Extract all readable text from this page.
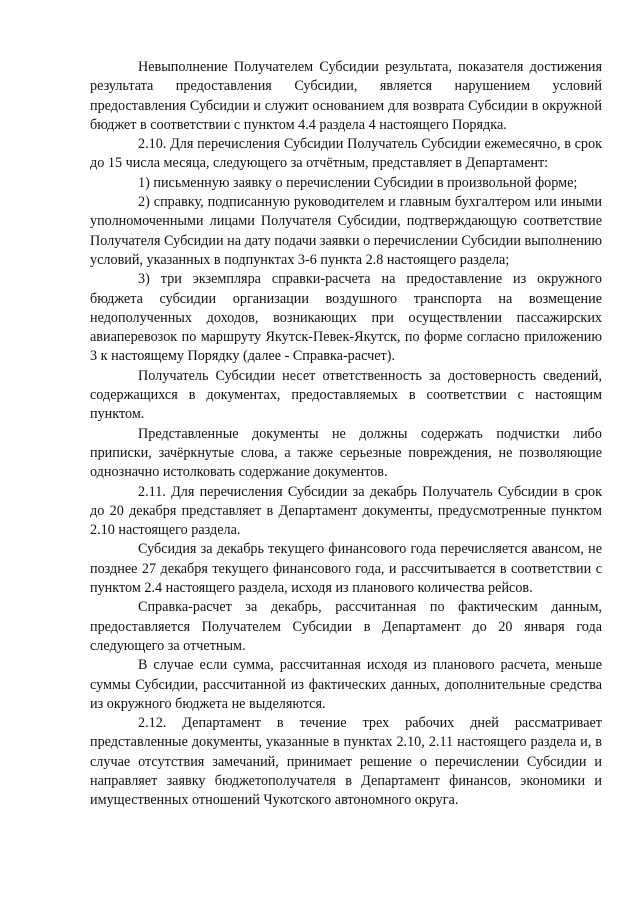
Невыполнение Получателем Субсидии результата, показателя достижения результата предоставления Субсидии, является нарушением условий предоставления Субсидии и служит основанием для возврата Субсидии в окружной бюджет в соответствии с пунктом 4.4 раздела 4 настоящего Порядка.

2.10. Для перечисления Субсидии Получатель Субсидии ежемесячно, в срок до 15 числа месяца, следующего за отчётным, представляет в Департамент:

1) письменную заявку о перечислении Субсидии в произвольной форме;

2) справку, подписанную руководителем и главным бухгалтером или иными уполномоченными лицами Получателя Субсидии, подтверждающую соответствие Получателя Субсидии на дату подачи заявки о перечислении Субсидии выполнению условий, указанных в подпунктах 3-6 пункта 2.8 настоящего раздела;

3) три экземпляра справки-расчета на предоставление из окружного бюджета субсидии организации воздушного транспорта на возмещение недополученных доходов, возникающих при осуществлении пассажирских авиаперевозок по маршруту Якутск-Певек-Якутск, по форме согласно приложению 3 к настоящему Порядку (далее - Справка-расчет).

Получатель Субсидии несет ответственность за достоверность сведений, содержащихся в документах, предоставляемых в соответствии с настоящим пунктом.

Представленные документы не должны содержать подчистки либо приписки, зачёркнутые слова, а также серьезные повреждения, не позволяющие однозначно истолковать содержание документов.

2.11. Для перечисления Субсидии за декабрь Получатель Субсидии в срок до 20 декабря представляет в Департамент документы, предусмотренные пунктом 2.10 настоящего раздела.

Субсидия за декабрь текущего финансового года перечисляется авансом, не позднее 27 декабря текущего финансового года, и рассчитывается в соответствии с пунктом 2.4 настоящего раздела, исходя из планового количества рейсов.

Справка-расчет за декабрь, рассчитанная по фактическим данным, предоставляется Получателем Субсидии в Департамент до 20 января года следующего за отчетным.

В случае если сумма, рассчитанная исходя из планового расчета, меньше суммы Субсидии, рассчитанной из фактических данных, дополнительные средства из окружного бюджета не выделяются.

2.12. Департамент в течение трех рабочих дней рассматривает представленные документы, указанные в пунктах 2.10, 2.11 настоящего раздела и, в случае отсутствия замечаний, принимает решение о перечислении Субсидии и направляет заявку бюджетополучателя в Департамент финансов, экономики и имущественных отношений Чукотского автономного округа.
